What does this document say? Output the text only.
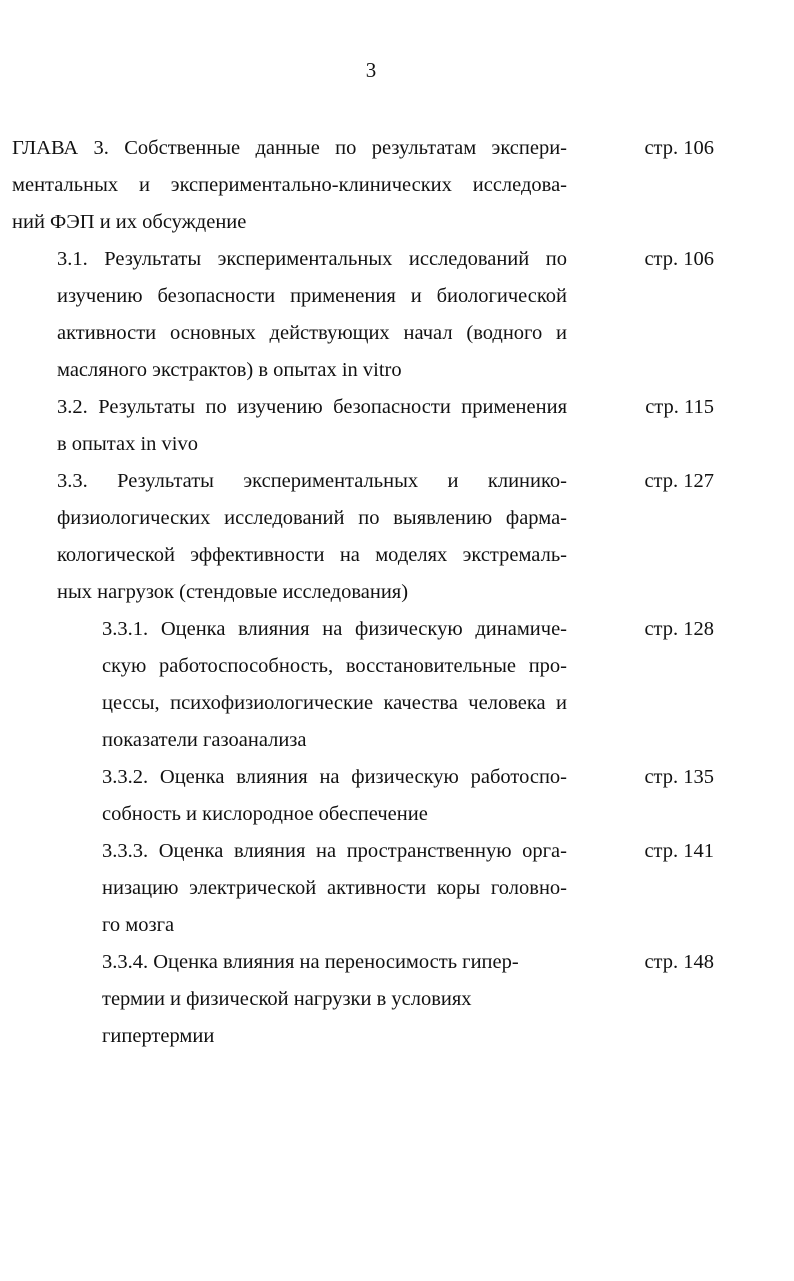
3
ГЛАВА 3. Собственные данные по результатам экспери-
ментальных и экспериментально-клинических исследова-
ний ФЭП и их обсуждение
стр. 106
3.1. Результаты экспериментальных исследований по
изучению безопасности применения и биологической
активности основных действующих начал (водного и
масляного экстрактов) в опытах in vitro
стр. 106
3.2. Результаты по изучению безопасности применения
в опытах in vivo
стр. 115
3.3. Результаты экспериментальных и клинико-
физиологических исследований по выявлению фарма-
кологической эффективности на моделях экстремаль-
ных нагрузок (стендовые исследования)
стр. 127
3.3.1. Оценка влияния на физическую динамиче-
скую работоспособность, восстановительные про-
цессы, психофизиологические качества человека и
показатели газоанализа
стр. 128
3.3.2. Оценка влияния на физическую работоспо-
собность и кислородное обеспечение
стр. 135
3.3.3. Оценка влияния на пространственную орга-
низацию электрической активности коры головно-
го мозга
стр. 141
3.3.4. Оценка влияния на переносимость гипер-
термии и физической нагрузки в условиях
гипертермии
стр. 148
